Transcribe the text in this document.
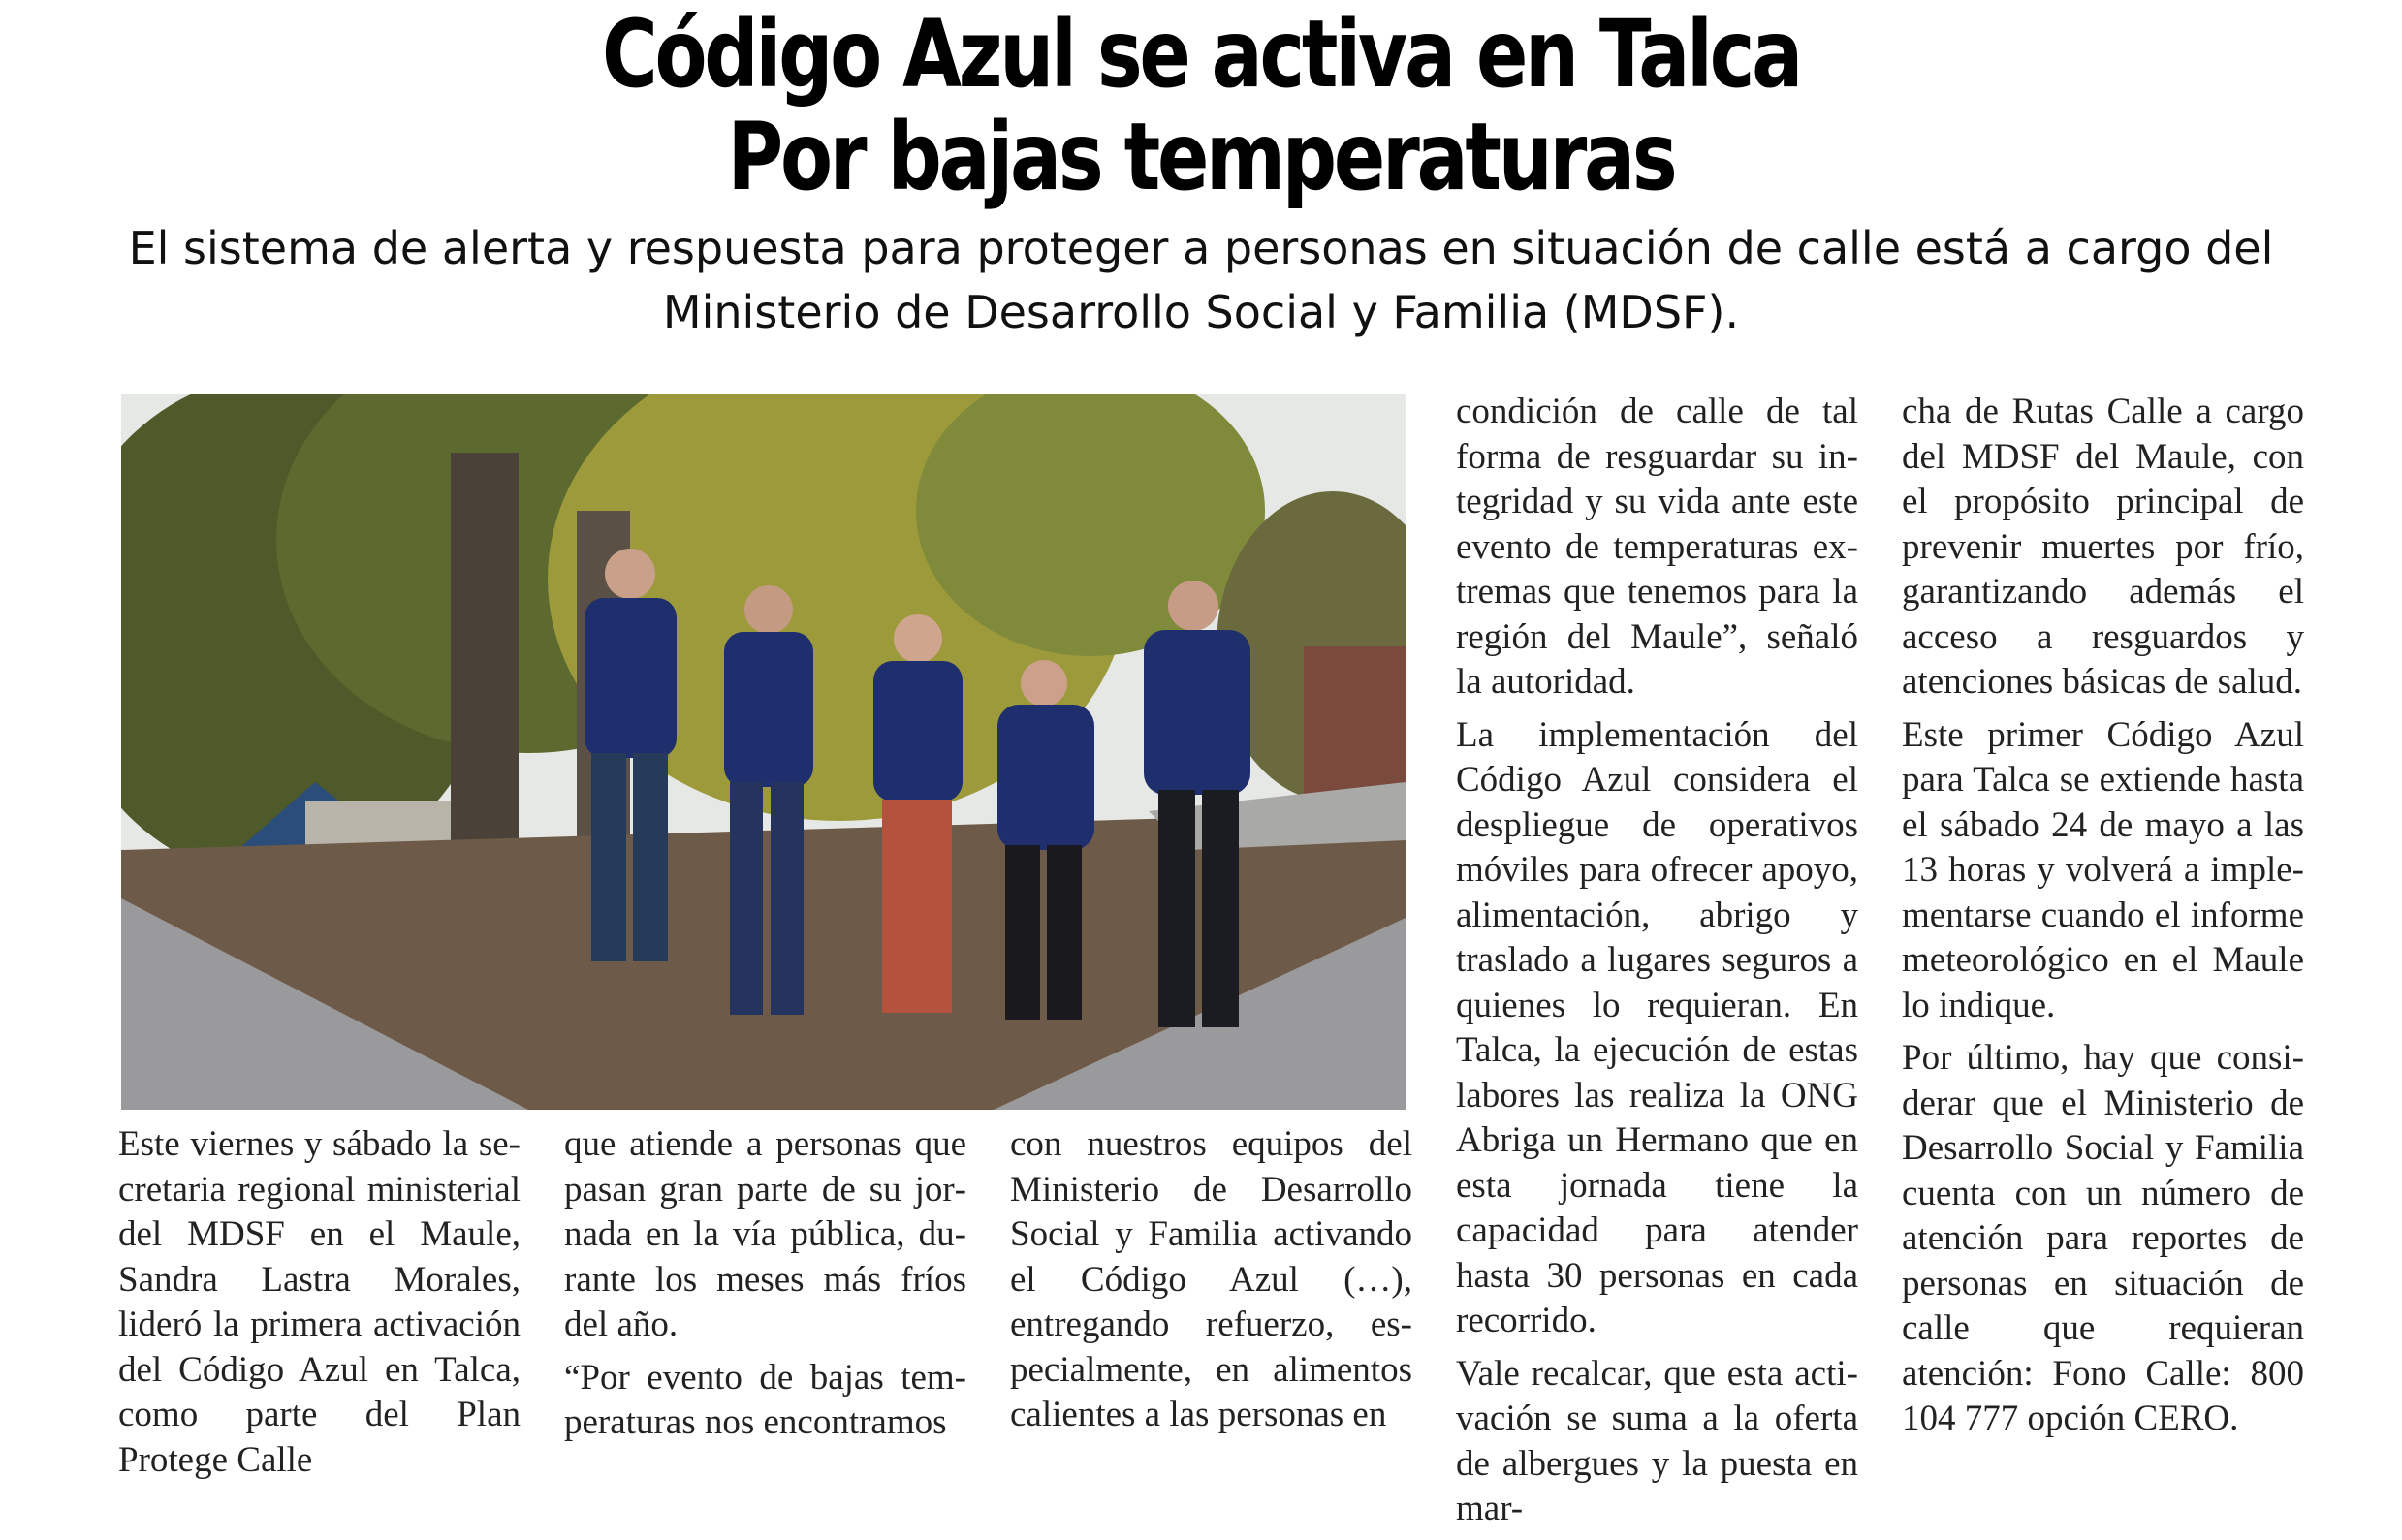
Código Azul se activa en Talca
Por bajas temperaturas

El sistema de alerta y respuesta para proteger a personas en situación de calle está a cargo del

Ministerio de Desarrollo Social y Familia (MDSF).

Este viernes y sábado la secretaria regional ministerial del MDSF en el Maule, Sandra Lastra Morales, lideró la primera activación del Código Azul en Talca, como parte del Plan Protege Calle

que atiende a personas que pasan gran parte de su jornada en la vía pública, durante los meses más fríos del año.

“Por evento de bajas temperaturas nos encontramos

con nuestros equipos del Ministerio de Desarrollo Social y Familia activando el Código Azul (…), entregando refuerzo, especialmente, en alimentos calientes a las personas en

condición de calle de tal forma de resguardar su integridad y su vida ante este evento de temperaturas extremas que tenemos para la región del Maule”, señaló la autoridad.

La implementación del Código Azul considera el despliegue de operativos móviles para ofrecer apoyo, alimentación, abrigo y traslado a lugares seguros a quienes lo requieran. En Talca, la ejecución de estas labores las realiza la ONG Abriga un Hermano que en esta jornada tiene la capacidad para atender hasta 30 personas en cada recorrido.

Vale recalcar, que esta activación se suma a la oferta de albergues y la puesta en mar-

cha de Rutas Calle a cargo del MDSF del Maule, con el propósito principal de prevenir muertes por frío, garantizando además el acceso a resguardos y atenciones básicas de salud.

Este primer Código Azul para Talca se extiende hasta el sábado 24 de mayo a las 13 horas y volverá a implementarse cuando el informe meteorológico en el Maule lo indique.

Por último, hay que considerar que el Ministerio de Desarrollo Social y Familia cuenta con un número de atención para reportes de personas en situación de calle que requieran atención: Fono Calle: 800 104 777 opción CERO.
